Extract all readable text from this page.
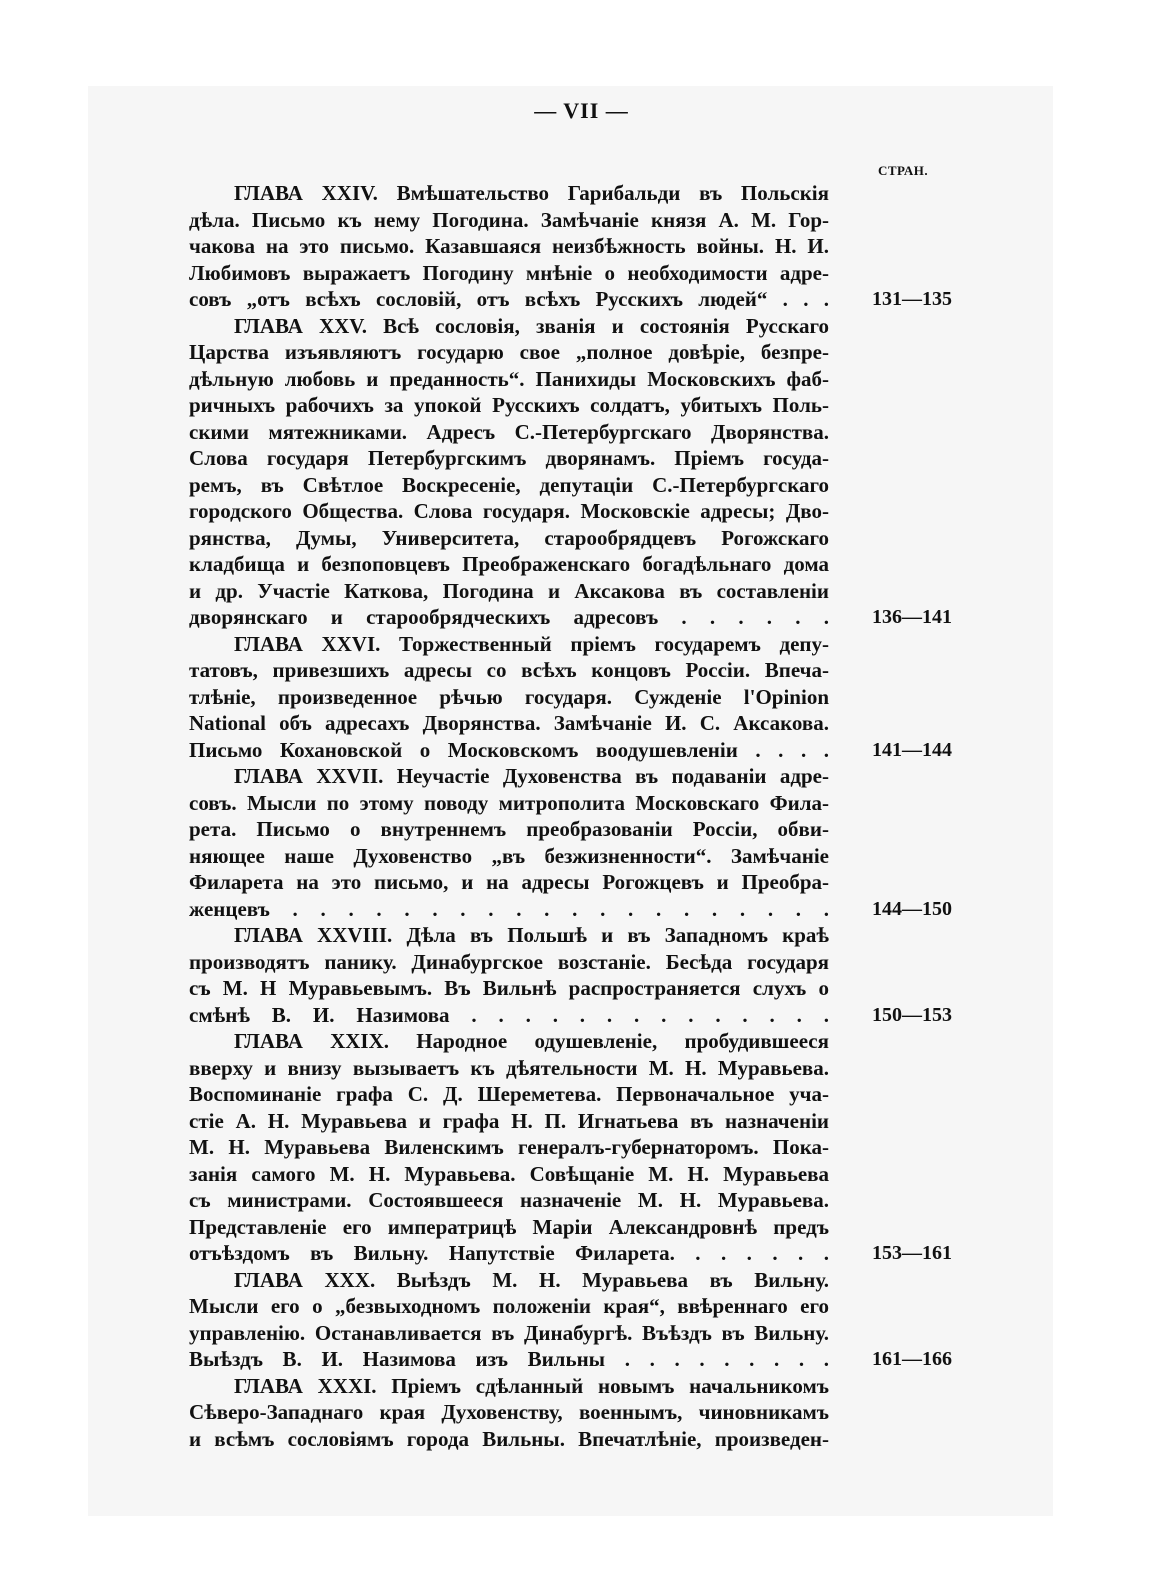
— VII —
СТРАН.
ГЛАВА XXIV. Вмѣшательство Гарибальди въ Польскія
дѣла. Письмо къ нему Погодина. Замѣчаніе князя А. М. Гор-
чакова на это письмо. Казавшаяся неизбѣжность войны. Н. И.
Любимовъ выражаетъ Погодину мнѣніе о необходимости адре-
совъ „отъ всѣхъ сословій, отъ всѣхъ Русскихъ людей“ . . . 131—135
ГЛАВА XXV. Всѣ сословія, званія и состоянія Русскаго
Царства изъявляютъ государю свое „полное довѣріе, безпре-
дѣльную любовь и преданность“. Панихиды Московскихъ фаб-
ричныхъ рабочихъ за упокой Русскихъ солдатъ, убитыхъ Поль-
скими мятежниками. Адресъ С.-Петербургскаго Дворянства.
Слова государя Петербургскимъ дворянамъ. Пріемъ госуда-
ремъ, въ Свѣтлое Воскресеніе, депутаціи С.-Петербургскаго
городского Общества. Слова государя. Московскіе адресы; Дво-
рянства, Думы, Университета, старообрядцевъ Рогожскаго
кладбища и безпоповцевъ Преображенскаго богадѣльнаго дома
и др. Участіе Каткова, Погодина и Аксакова въ составленіи
дворянскаго и старообрядческихъ адресовъ . . . . . . 136—141
ГЛАВА XXVI. Торжественный пріемъ государемъ депу-
татовъ, привезшихъ адресы со всѣхъ концовъ Россіи. Впеча-
тлѣніе, произведенное рѣчью государя. Сужденіе l'Opinion
National объ адресахъ Дворянства. Замѣчаніе И. С. Аксакова.
Письмо Кохановской о Московскомъ воодушевленіи . . . . 141—144
ГЛАВА XXVII. Неучастіе Духовенства въ подаваніи адре-
совъ. Мысли по этому поводу митрополита Московскаго Фила-
рета. Письмо о внутреннемъ преобразованіи Россіи, обви-
няющее наше Духовенство „въ безжизненности“. Замѣчаніе
Филарета на это письмо, и на адресы Рогожцевъ и Преобра-
женцевъ . . . . . . . . . . . . . . . . . . . . 144—150
ГЛАВА XXVIII. Дѣла въ Польшѣ и въ Западномъ краѣ
производятъ панику. Динабургское возстаніе. Бесѣда государя
съ М. Н Муравьевымъ. Въ Вильнѣ распространяется слухъ о
смѣнѣ В. И. Назимова . . . . . . . . . . . . . . 150—153
ГЛАВА XXIX. Народное одушевленіе, пробудившееся
вверху и внизу вызываетъ къ дѣятельности М. Н. Муравьева.
Воспоминаніе графа С. Д. Шереметева. Первоначальное уча-
стіе А. Н. Муравьева и графа Н. П. Игнатьева въ назначеніи
М. Н. Муравьева Виленскимъ генералъ-губернаторомъ. Пока-
занія самого М. Н. Муравьева. Совѣщаніе М. Н. Муравьева
съ министрами. Состоявшееся назначеніе М. Н. Муравьева.
Представленіе его императрицѣ Маріи Александровнѣ предъ
отъѣздомъ въ Вильну. Напутствіе Филарета. . . . . . . 153—161
ГЛАВА XXX. Выѣздъ М. Н. Муравьева въ Вильну.
Мысли его о „безвыходномъ положеніи края“, ввѣреннаго его
управленію. Останавливается въ Динабургѣ. Въѣздъ въ Вильну.
Выѣздъ В. И. Назимова изъ Вильны . . . . . . . . . 161—166
ГЛАВА XXXI. Пріемъ сдѣланный новымъ начальникомъ
Сѣверо-Западнаго края Духовенству, военнымъ, чиновникамъ
и всѣмъ сословіямъ города Вильны. Впечатлѣніе, произведен-
